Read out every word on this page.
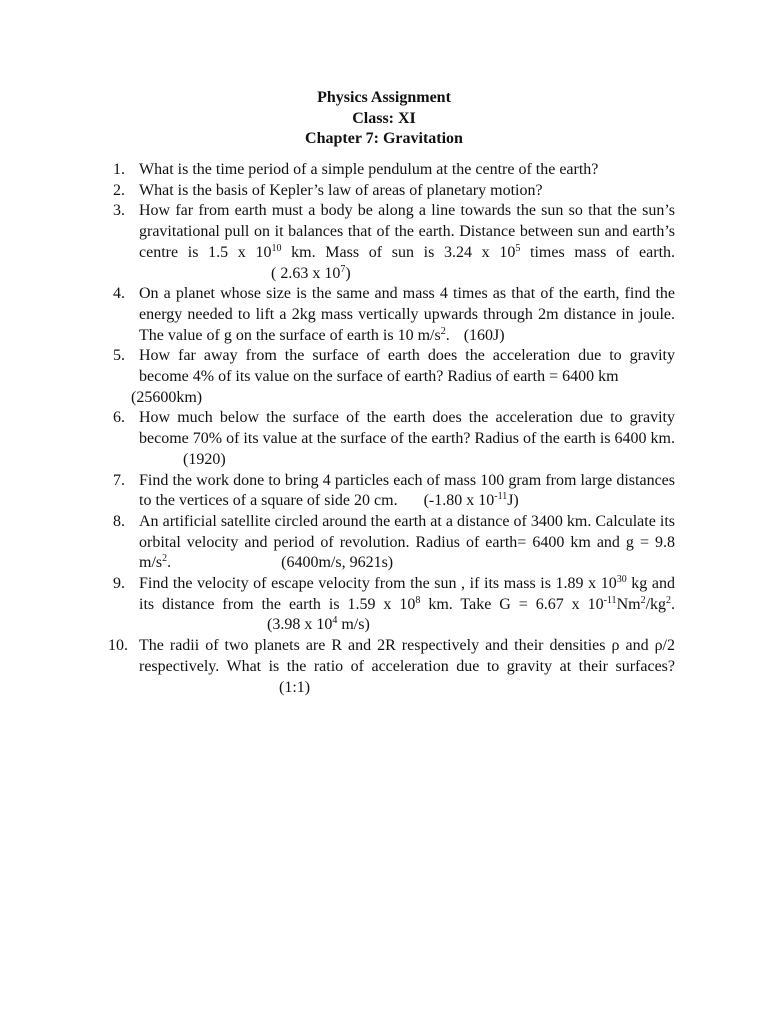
Physics Assignment
Class: XI
Chapter 7: Gravitation
1. What is the time period of a simple pendulum at the centre of the earth?
2. What is the basis of Kepler’s law of areas of planetary motion?
3. How far from earth must a body be along a line towards the sun so that the sun’s gravitational pull on it balances that of the earth. Distance between sun and earth’s centre is 1.5 x $10^{10}$ km. Mass of sun is 3.24 x $10^5$ times mass of earth. ( 2.63 x $10^7$)
4. On a planet whose size is the same and mass 4 times as that of the earth, find the energy needed to lift a 2kg mass vertically upwards through 2m distance in joule. The value of g on the surface of earth is 10 $m/s^2$. (160J)
5. How far away from the surface of earth does the acceleration due to gravity become 4% of its value on the surface of earth? Radius of earth = 6400 km
(25600km)
6. How much below the surface of the earth does the acceleration due to gravity become 70% of its value at the surface of the earth? Radius of the earth is 6400 km. (1920)
7. Find the work done to bring 4 particles each of mass 100 gram from large distances to the vertices of a square of side 20 cm. (-1.80 x $10^{-11}J$)
8. An artificial satellite circled around the earth at a distance of 3400 km. Calculate its orbital velocity and period of revolution. Radius of earth= 6400 km and g = 9.8 $m/s^2$.	(6400m/s, 9621s)
9. Find the velocity of escape velocity from the sun , if its mass is 1.89 x $10^{30}$ kg and its distance from the earth is 1.59 x $10^8$ km. Take G = 6.67 x $10^{-11}Nm^2/kg^2$. (3.98 x $10^4$ m/s)
10. The radii of two planets are R and 2R respectively and their densities ρ and ρ/2 respectively. What is the ratio of acceleration due to gravity at their surfaces? (1:1)
